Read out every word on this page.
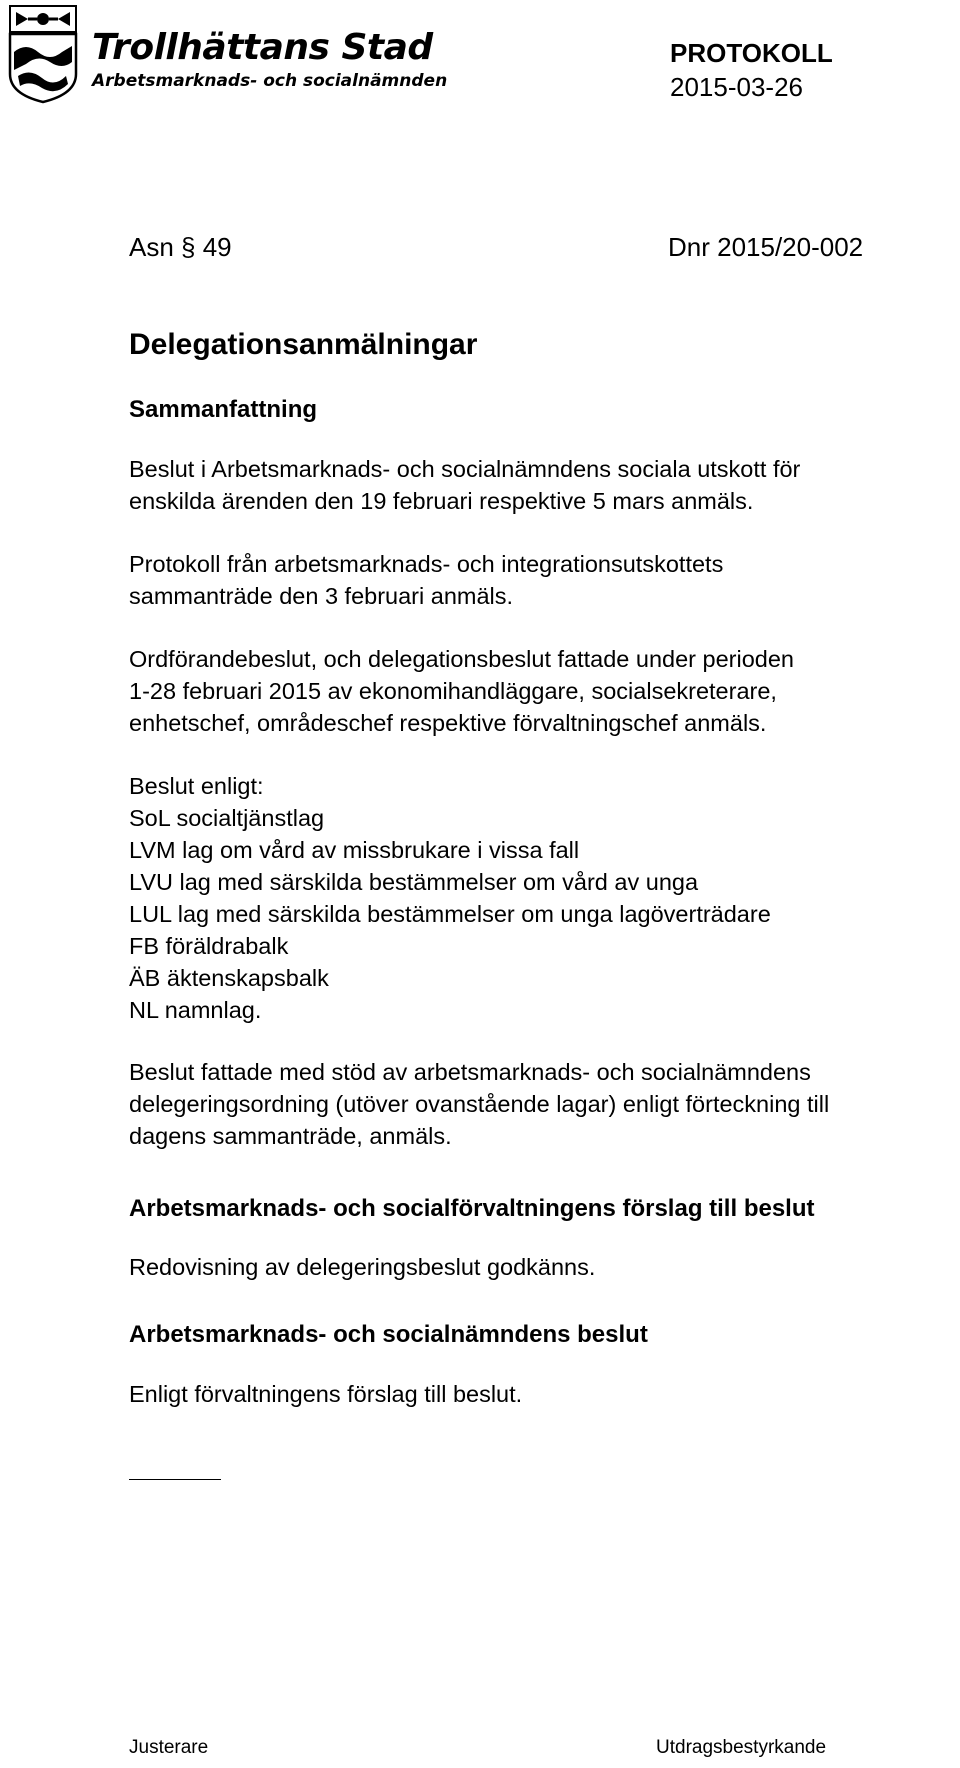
Trollhättans Stad
Arbetsmarknads- och socialnämnden
PROTOKOLL
2015-03-26
Asn § 49	Dnr 2015/20-002
Delegationsanmälningar
Sammanfattning
Beslut i Arbetsmarknads- och socialnämndens sociala utskott för
enskilda ärenden den 19 februari respektive 5 mars anmäls.
Protokoll från arbetsmarknads- och integrationsutskottets
sammanträde den 3 februari anmäls.
Ordförandebeslut, och delegationsbeslut fattade under perioden
1-28 februari 2015 av ekonomihandläggare, socialsekreterare,
enhetschef, områdeschef respektive förvaltningschef anmäls.
Beslut enligt:
SoL socialtjänstlag
LVM lag om vård av missbrukare i vissa fall
LVU lag med särskilda bestämmelser om vård av unga
LUL lag med särskilda bestämmelser om unga lagöverträdare
FB föräldrabalk
ÄB äktenskapsbalk
NL namnlag.
Beslut fattade med stöd av arbetsmarknads- och socialnämndens
delegeringsordning (utöver ovanstående lagar) enligt förteckning till
dagens sammanträde, anmäls.
Arbetsmarknads- och socialförvaltningens förslag till beslut
Redovisning av delegeringsbeslut godkänns.
Arbetsmarknads- och socialnämndens beslut
Enligt förvaltningens förslag till beslut.
Justerare	Utdragsbestyrkande
